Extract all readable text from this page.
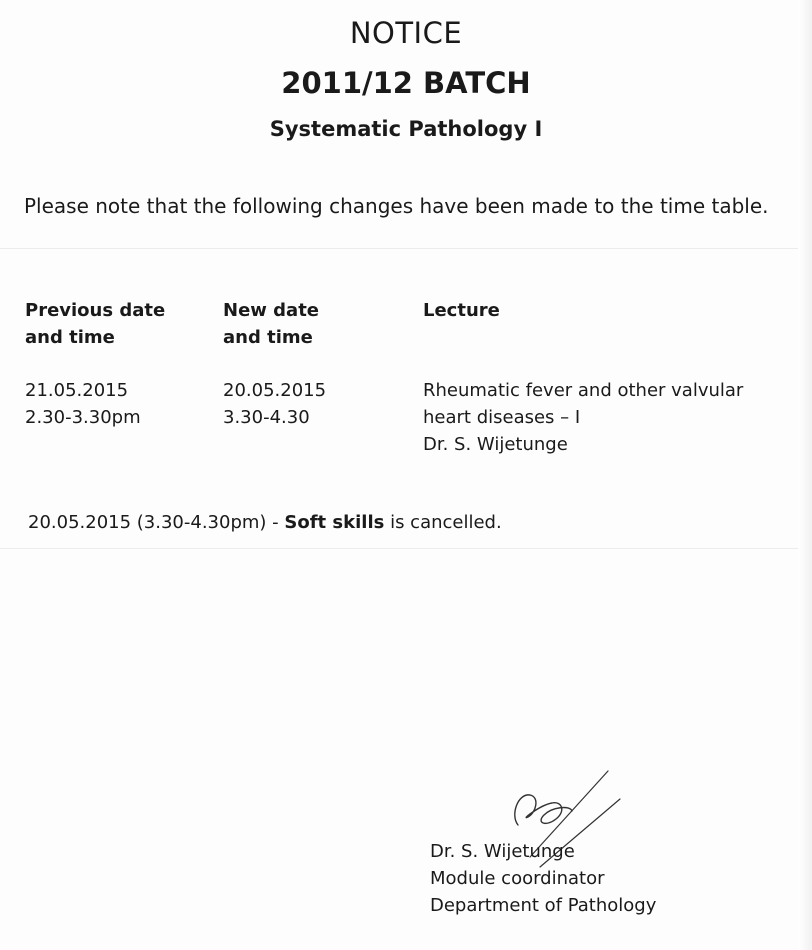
NOTICE
2011/12 BATCH
Systematic Pathology I
Please note that the following changes have been made to the time table.
Previous date
and time
New date
and time
Lecture
21.05.2015
2.30-3.30pm
20.05.2015
3.30-4.30
Rheumatic fever and other valvular
heart diseases – I
Dr. S. Wijetunge
20.05.2015 (3.30-4.30pm) - Soft skills is cancelled.
Dr. S. Wijetunge
Module coordinator
Department of Pathology
